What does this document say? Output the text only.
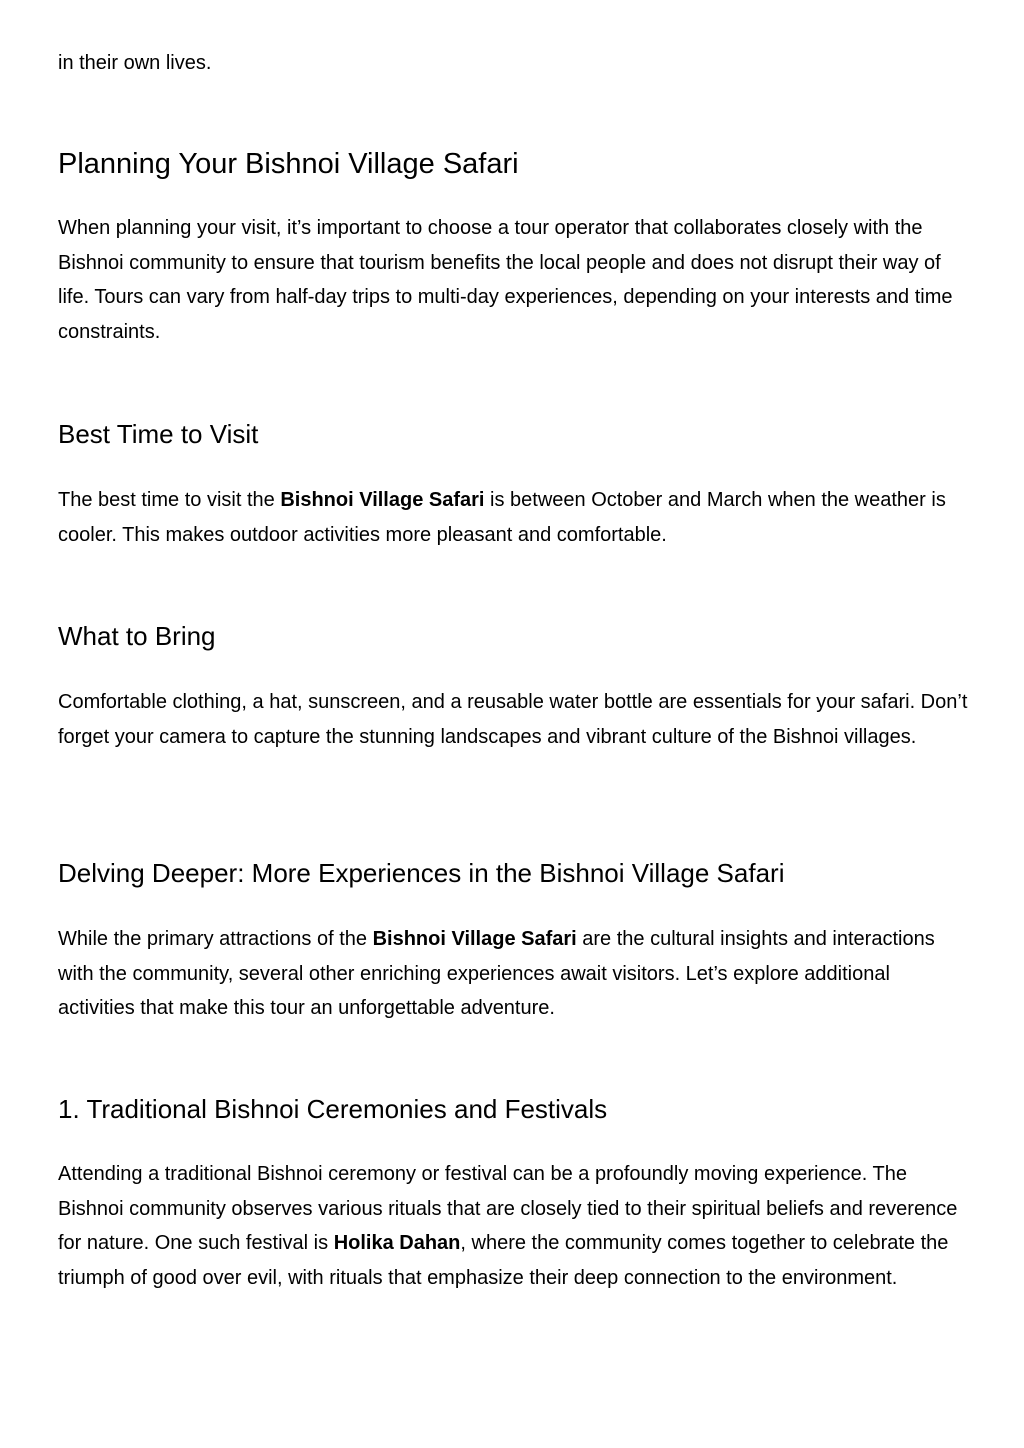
in their own lives.

Planning Your Bishnoi Village Safari

When planning your visit, it’s important to choose a tour operator that collaborates closely with the Bishnoi community to ensure that tourism benefits the local people and does not disrupt their way of life. Tours can vary from half-day trips to multi-day experiences, depending on your interests and time constraints.

Best Time to Visit

The best time to visit the Bishnoi Village Safari is between October and March when the weather is cooler. This makes outdoor activities more pleasant and comfortable.

What to Bring

Comfortable clothing, a hat, sunscreen, and a reusable water bottle are essentials for your safari. Don’t forget your camera to capture the stunning landscapes and vibrant culture of the Bishnoi villages.

Delving Deeper: More Experiences in the Bishnoi Village Safari

While the primary attractions of the Bishnoi Village Safari are the cultural insights and interactions with the community, several other enriching experiences await visitors. Let’s explore additional activities that make this tour an unforgettable adventure.

1. Traditional Bishnoi Ceremonies and Festivals

Attending a traditional Bishnoi ceremony or festival can be a profoundly moving experience. The Bishnoi community observes various rituals that are closely tied to their spiritual beliefs and reverence for nature. One such festival is Holika Dahan, where the community comes together to celebrate the triumph of good over evil, with rituals that emphasize their deep connection to the environment.
